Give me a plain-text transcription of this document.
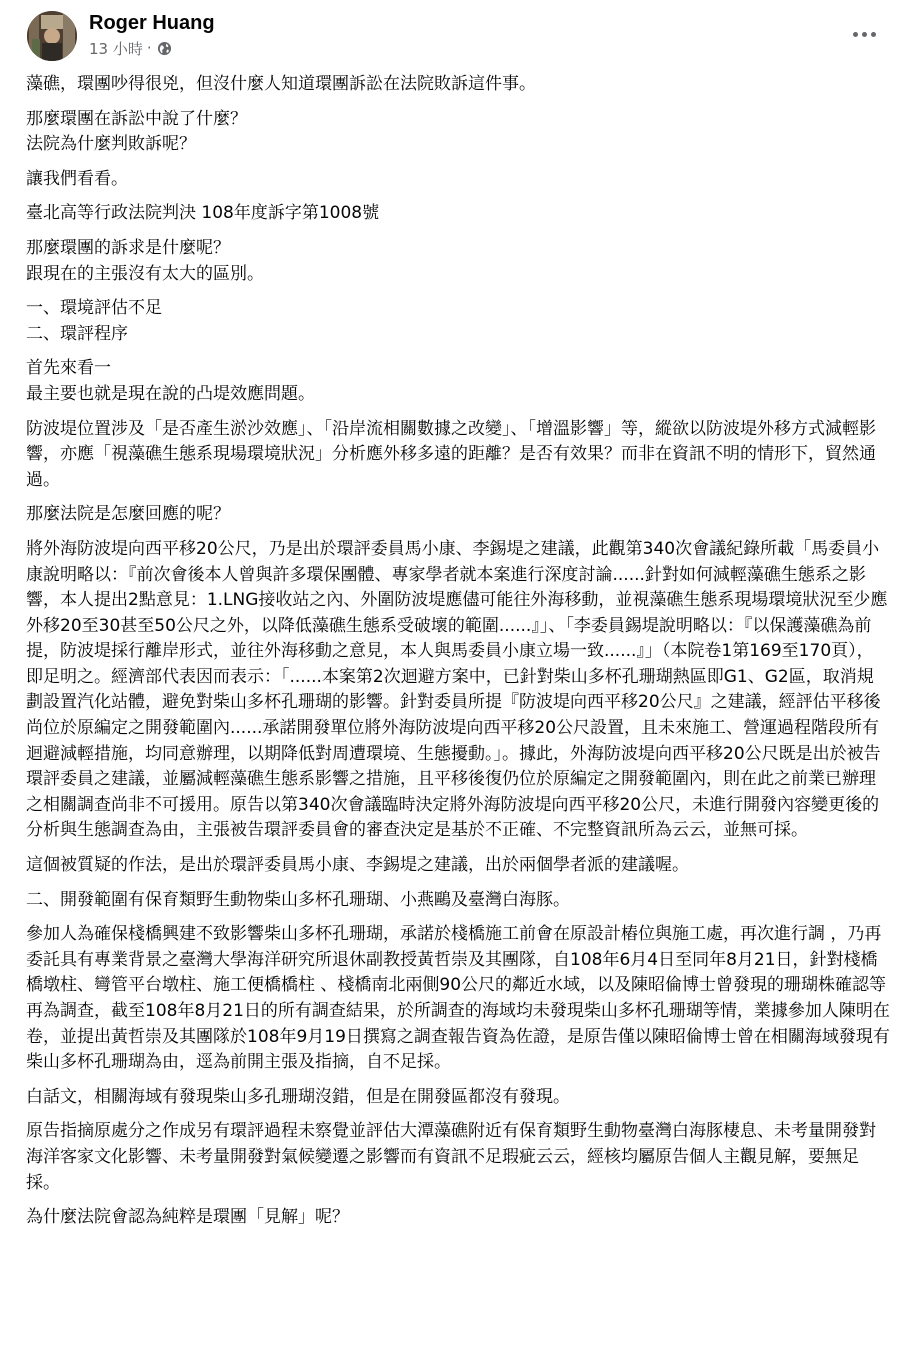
Roger Huang
13 小時 ·

藻礁，環團吵得很兇，但沒什麼人知道環團訴訟在法院敗訴這件事。

那麼環團在訴訟中說了什麼？
法院為什麼判敗訴呢？

讓我們看看。

臺北高等行政法院判決 108年度訴字第1008號

那麼環團的訴求是什麼呢？
跟現在的主張沒有太大的區別。

一、環境評估不足
二、環評程序

首先來看一
最主要也就是現在說的凸堤效應問題。

防波堤位置涉及「是否產生淤沙效應」、「沿岸流相關數據之改變」、「增溫影響」等，縱欲以防波堤外移方式減輕影響，亦應「視藻礁生態系現場環境狀況」分析應外移多遠的距離？是否有效果？而非在資訊不明的情形下，貿然通過。

那麼法院是怎麼回應的呢？

將外海防波堤向西平移20公尺，乃是出於環評委員馬小康、李錫堤之建議，此觀第340次會議紀錄所載「馬委員小康說明略以：『前次會後本人曾與許多環保團體、專家學者就本案進行深度討論......針對如何減輕藻礁生態系之影響，本人提出2點意見：1.LNG接收站之內、外圍防波堤應儘可能往外海移動，並視藻礁生態系現場環境狀況至少應外移20至30甚至50公尺之外，以降低藻礁生態系受破壞的範圍......』」、「李委員錫堤說明略以：『以保護藻礁為前提，防波堤採行離岸形式，並往外海移動之意見，本人與馬委員小康立場一致......』」（本院卷1第169至170頁），即足明之。經濟部代表因而表示：「......本案第2次迴避方案中，已針對柴山多杯孔珊瑚熱區即G1、G2區，取消規劃設置汽化站體，避免對柴山多杯孔珊瑚的影響。針對委員所提『防波堤向西平移20公尺』之建議，經評估平移後尚位於原編定之開發範圍內......承諾開發單位將外海防波堤向西平移20公尺設置，且未來施工、營運過程階段所有迴避減輕措施，均同意辦理，以期降低對周遭環境、生態擾動。」。據此，外海防波堤向西平移20公尺既是出於被告環評委員之建議，並屬減輕藻礁生態系影響之措施，且平移後復仍位於原編定之開發範圍內，則在此之前業已辦理之相關調查尚非不可援用。原告以第340次會議臨時決定將外海防波堤向西平移20公尺，未進行開發內容變更後的分析與生態調查為由，主張被告環評委員會的審查決定是基於不正確、不完整資訊所為云云，並無可採。

這個被質疑的作法，是出於環評委員馬小康、李錫堤之建議，出於兩個學者派的建議喔。

二、開發範圍有保育類野生動物柴山多杯孔珊瑚、小燕鷗及臺灣白海豚。

參加人為確保棧橋興建不致影響柴山多杯孔珊瑚，承諾於棧橋施工前會在原設計樁位與施工處，再次進行調 ，乃再委託具有專業背景之臺灣大學海洋研究所退休副教授黃哲崇及其團隊，自108年6月4日至同年8月21日，針對棧橋橋墩柱、彎管平台墩柱、施工便橋橋柱 、棧橋南北兩側90公尺的鄰近水域，以及陳昭倫博士曾發現的珊瑚株確認等再為調查，截至108年8月21日的所有調查結果，於所調查的海域均未發現柴山多杯孔珊瑚等情，業據參加人陳明在卷，並提出黃哲崇及其團隊於108年9月19日撰寫之調查報告資為佐證，是原告僅以陳昭倫博士曾在相關海域發現有柴山多杯孔珊瑚為由，逕為前開主張及指摘，自不足採。

白話文，相關海域有發現柴山多孔珊瑚沒錯，但是在開發區都沒有發現。

原告指摘原處分之作成另有環評過程未察覺並評估大潭藻礁附近有保育類野生動物臺灣白海豚棲息、未考量開發對海洋客家文化影響、未考量開發對氣候變遷之影響而有資訊不足瑕疵云云，經核均屬原告個人主觀見解，要無足採。

為什麼法院會認為純粹是環團「見解」呢？
